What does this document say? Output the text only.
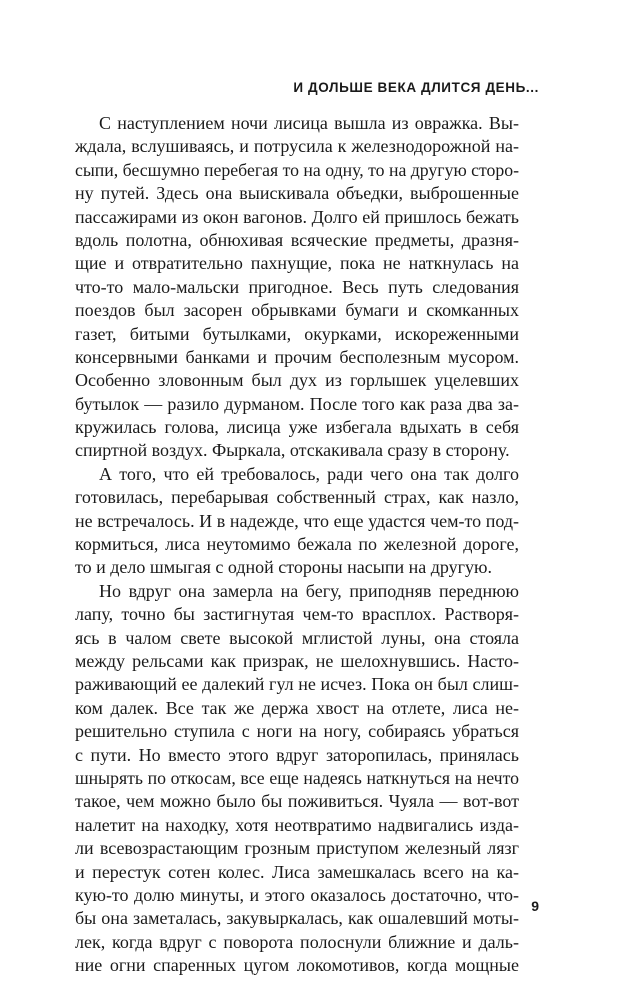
И ДОЛЬШЕ ВЕКА ДЛИТСЯ ДЕНЬ...
С наступлением ночи лисица вышла из овражка. Вы-
ждала, вслушиваясь, и потрусила к железнодорожной на-
сыпи, бесшумно перебегая то на одну, то на другую сторо-
ну путей. Здесь она выискивала объедки, выброшенные
пассажирами из окон вагонов. Долго ей пришлось бежать
вдоль полотна, обнюхивая всяческие предметы, дразня-
щие и отвратительно пахнущие, пока не наткнулась на
что-то мало-мальски пригодное. Весь путь следования
поездов был засорен обрывками бумаги и скомканных
газет, битыми бутылками, окурками, искореженными
консервными банками и прочим бесполезным мусором.
Особенно зловонным был дух из горлышек уцелевших
бутылок — разило дурманом. После того как раза два за-
кружилась голова, лисица уже избегала вдыхать в себя
спиртной воздух. Фыркала, отскакивала сразу в сторону.
А того, что ей требовалось, ради чего она так долго
готовилась, перебарывая собственный страх, как назло,
не встречалось. И в надежде, что еще удастся чем-то под-
кормиться, лиса неутомимо бежала по железной дороге,
то и дело шмыгая с одной стороны насыпи на другую.
Но вдруг она замерла на бегу, приподняв переднюю
лапу, точно бы застигнутая чем-то врасплох. Растворя-
ясь в чалом свете высокой мглистой луны, она стояла
между рельсами как призрак, не шелохнувшись. Насто-
раживающий ее далекий гул не исчез. Пока он был слиш-
ком далек. Все так же держа хвост на отлете, лиса не-
решительно ступила с ноги на ногу, собираясь убраться
с пути. Но вместо этого вдруг заторопилась, принялась
шнырять по откосам, все еще надеясь наткнуться на нечто
такое, чем можно было бы поживиться. Чуяла — вот-вот
налетит на находку, хотя неотвратимо надвигались изда-
ли всевозрастающим грозным приступом железный лязг
и перестук сотен колес. Лиса замешкалась всего на ка-
кую-то долю минуты, и этого оказалось достаточно, что-
бы она заметалась, закувыркалась, как ошалевший моты-
лек, когда вдруг с поворота полоснули ближние и даль-
ние огни спаренных цугом локомотивов, когда мощные
9
